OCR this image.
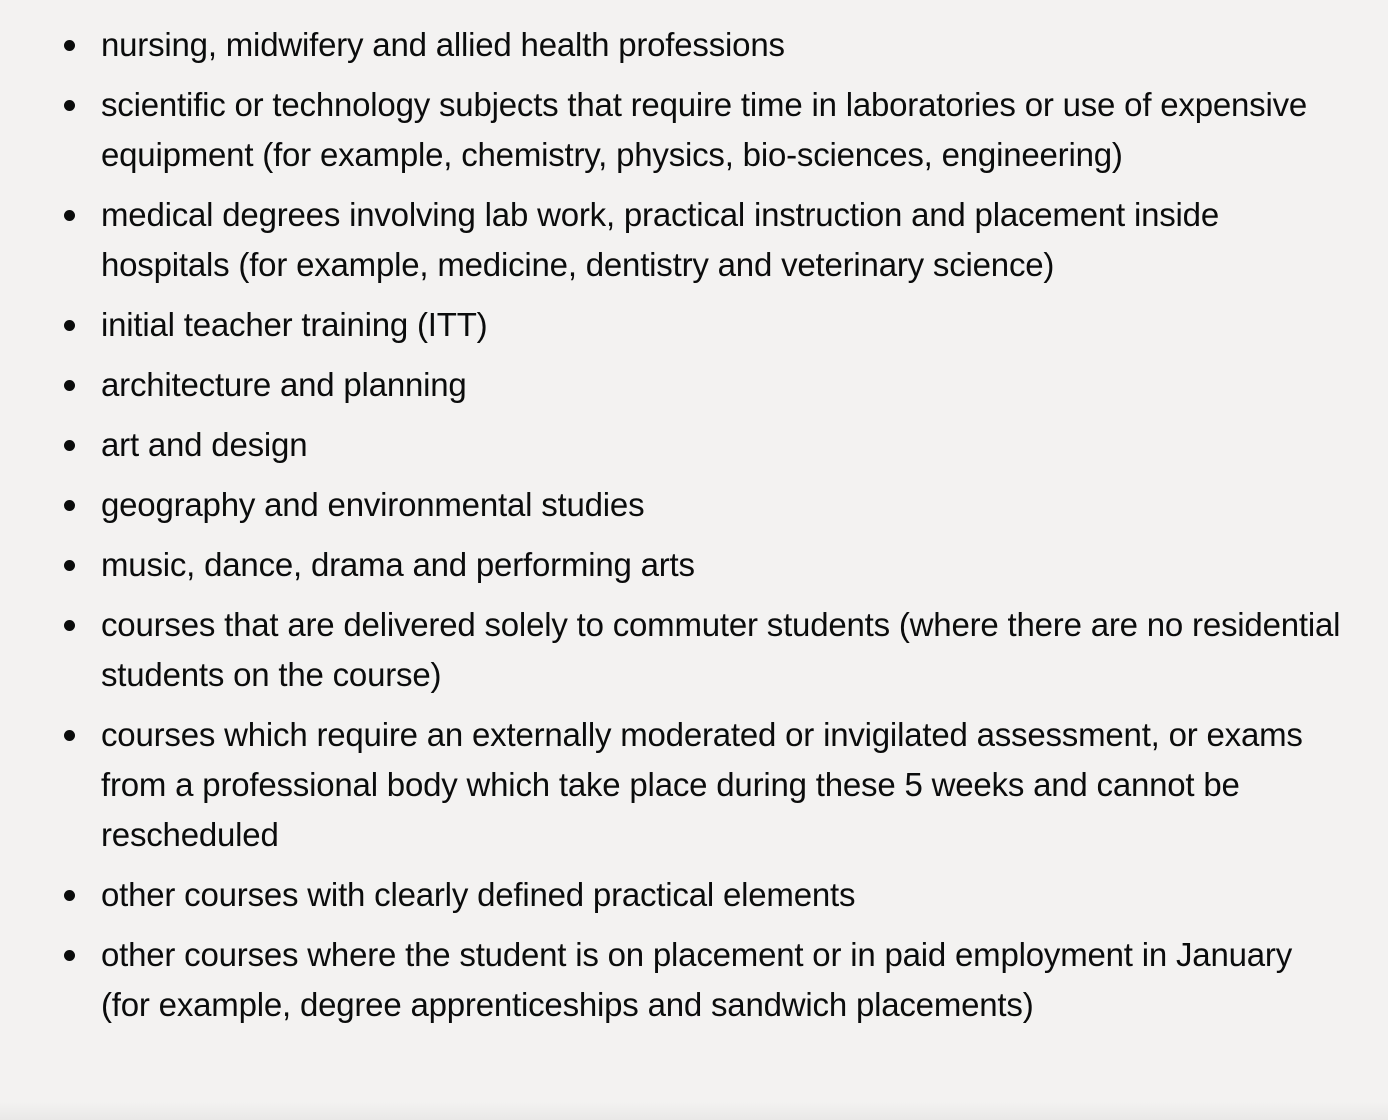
nursing, midwifery and allied health professions
scientific or technology subjects that require time in laboratories or use of expensive equipment (for example, chemistry, physics, bio-sciences, engineering)
medical degrees involving lab work, practical instruction and placement inside hospitals (for example, medicine, dentistry and veterinary science)
initial teacher training (ITT)
architecture and planning
art and design
geography and environmental studies
music, dance, drama and performing arts
courses that are delivered solely to commuter students (where there are no residential students on the course)
courses which require an externally moderated or invigilated assessment, or exams from a professional body which take place during these 5 weeks and cannot be rescheduled
other courses with clearly defined practical elements
other courses where the student is on placement or in paid employment in January (for example, degree apprenticeships and sandwich placements)
